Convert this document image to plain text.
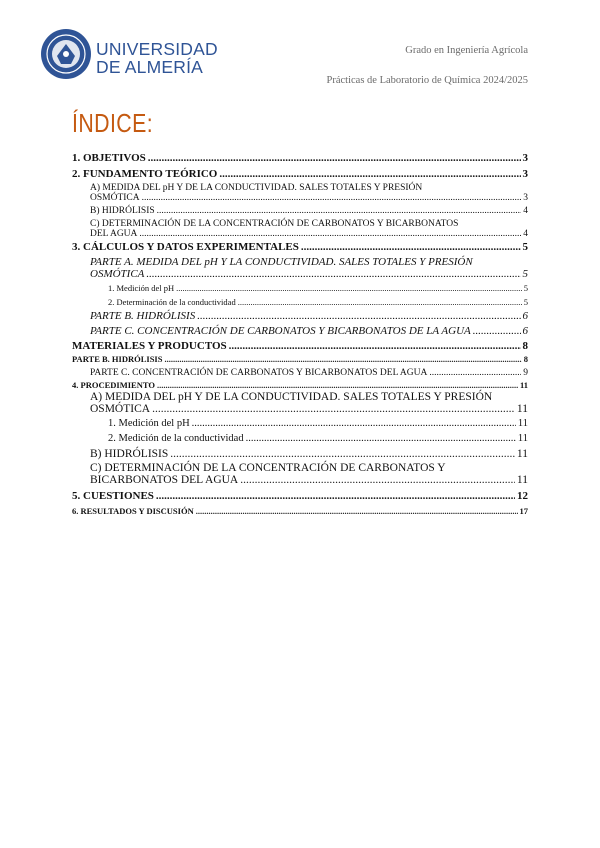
UNIVERSIDAD
DE ALMERÍA
Grado en Ingeniería Agrícola
Prácticas de Laboratorio de Química 2024/2025
ÍNDICE:
1. OBJETIVOS .....	3
2. FUNDAMENTO TEÓRICO .....	3
A) MEDIDA DEL pH Y DE LA CONDUCTIVIDAD. SALES TOTALES Y PRESIÓN
OSMÓTICA .....	3
B) HIDRÓLISIS .....	4
C) DETERMINACIÓN DE LA CONCENTRACIÓN DE CARBONATOS Y BICARBONATOS
DEL AGUA .....	4
3. CÁLCULOS Y DATOS EXPERIMENTALES .....	5
PARTE A. MEDIDA DEL pH Y LA CONDUCTIVIDAD. SALES TOTALES Y PRESIÓN
OSMÓTICA .....	5
1. Medición del pH .....	5
2. Determinación de la conductividad .....	5
PARTE B. HIDRÓLISIS .....	6
PARTE C. CONCENTRACIÓN DE CARBONATOS Y BICARBONATOS DE LA AGUA .....	6
MATERIALES Y PRODUCTOS .....	8
PARTE B. HIDRÓLISIS .....	8
PARTE C. CONCENTRACIÓN DE CARBONATOS Y BICARBONATOS DEL AGUA .....	9
4. PROCEDIMIENTO .....	11
A) MEDIDA DEL pH Y DE LA CONDUCTIVIDAD. SALES TOTALES Y PRESIÓN
OSMÓTICA .....	11
1. Medición del pH .....	11
2. Medición de la conductividad .....	11
B) HIDRÓLISIS .....	11
C) DETERMINACIÓN DE LA CONCENTRACIÓN DE CARBONATOS Y
BICARBONATOS DEL AGUA .....	11
5. CUESTIONES .....	12
6. RESULTADOS Y DISCUSIÓN .....	17
